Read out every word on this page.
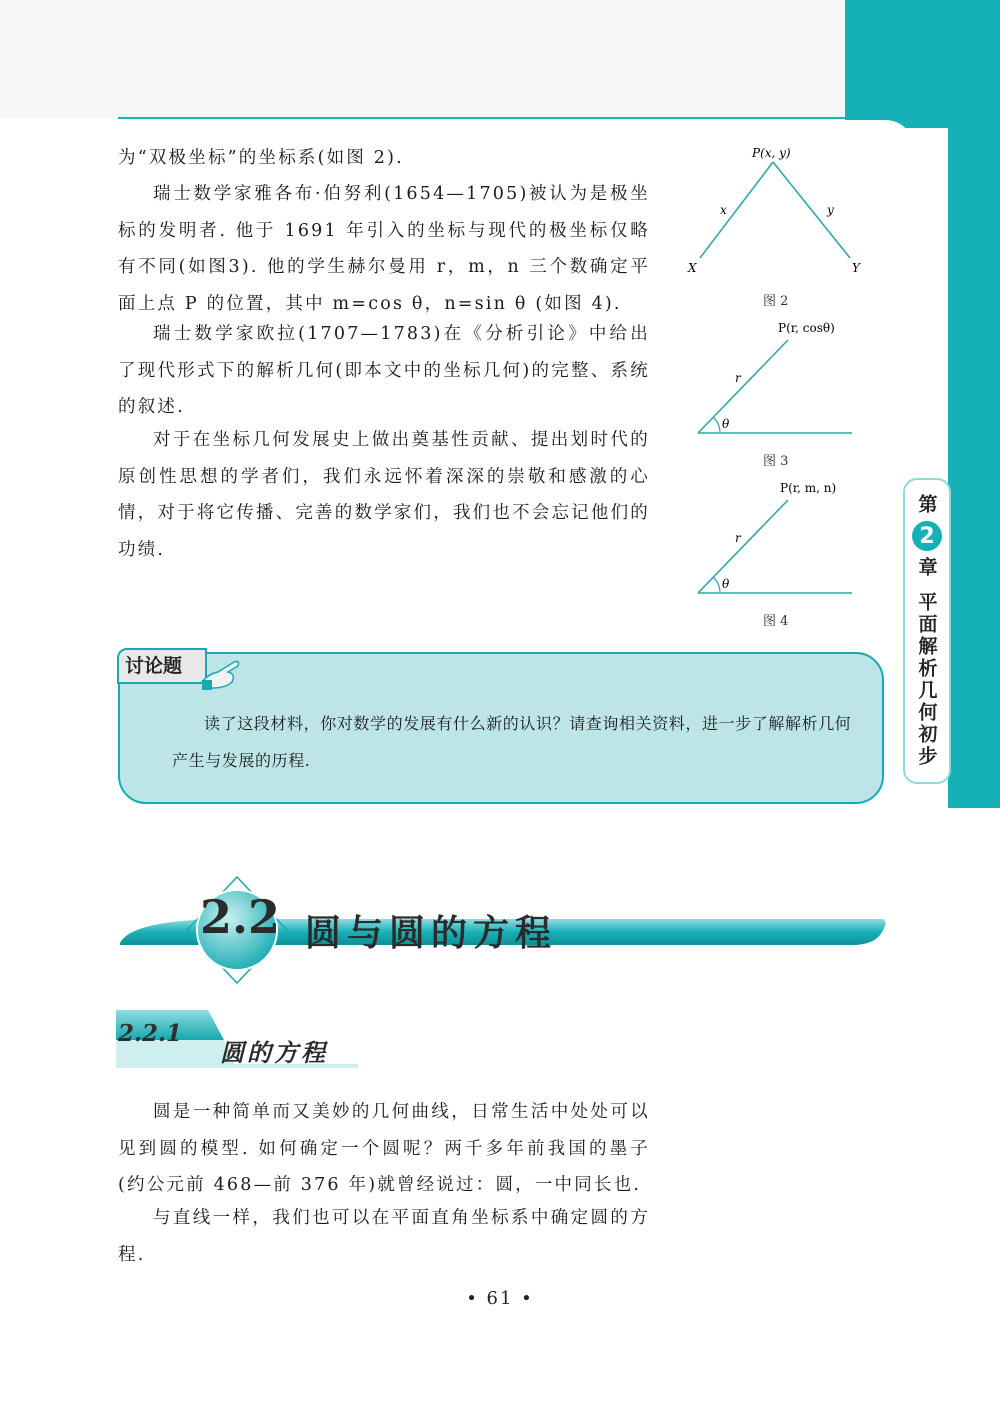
第
2
章
平面解析几何初步

为“双极坐标”的坐标系(如图 2).

瑞士数学家雅各布·伯努利(1654—1705)被认为是极坐标的发明者. 他于 1691 年引入的坐标与现代的极坐标仅略有不同(如图3). 他的学生赫尔曼用 r，m，n 三个数确定平面上点 P 的位置，其中 m=cos θ，n=sin θ (如图 4).

瑞士数学家欧拉(1707—1783)在《分析引论》中给出了现代形式下的解析几何(即本文中的坐标几何)的完整、系统的叙述.

对于在坐标几何发展史上做出奠基性贡献、提出划时代的原创性思想的学者们，我们永远怀着深深的崇敬和感激的心情，对于将它传播、完善的数学家们，我们也不会忘记他们的功绩.

P(x, y)
x	y
X	Y
图 2
P(r, cosθ)
r
θ
图 3
P(r, m, n)
r
θ
图 4
讨论题

读了这段材料，你对数学的发展有什么新的认识？请查询相关资料，进一步了解解析几何产生与发展的历程.

2.2 圆与圆的方程
2.2.1
圆的方程

圆是一种简单而又美妙的几何曲线，日常生活中处处可以见到圆的模型. 如何确定一个圆呢？两千多年前我国的墨子(约公元前 468—前 376 年)就曾经说过：圆，一中同长也.

与直线一样，我们也可以在平面直角坐标系中确定圆的方程.

• 61 •
